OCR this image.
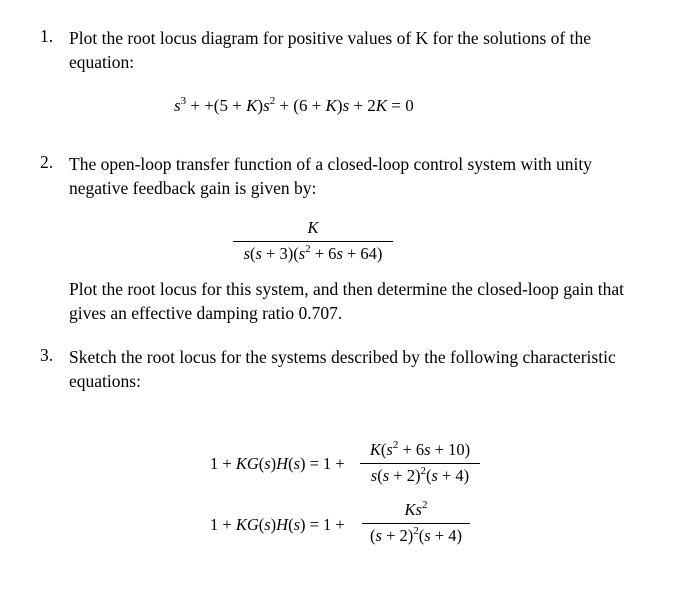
1. Plot the root locus diagram for positive values of K for the solutions of the equation:

$s^3 + +(5 + K)s^2 + (6 + K)s + 2K = 0$
2. The open-loop transfer function of a closed-loop control system with unity negative feedback gain is given by:

K
$s(s + 3)(s^2 + 6s + 64)$

Plot the root locus for this system, and then determine the closed-loop gain that gives an effective damping ratio 0.707.

3. Sketch the root locus for the systems described by the following characteristic equations:

1 + KG(s)H(s) = 1 +
$K(s^2 + 6s + 10)$
$s(s + 2)^2(s + 4)$
1 + KG(s)H(s) = 1 +
$Ks^2$
$(s + 2)^2(s + 4)$
